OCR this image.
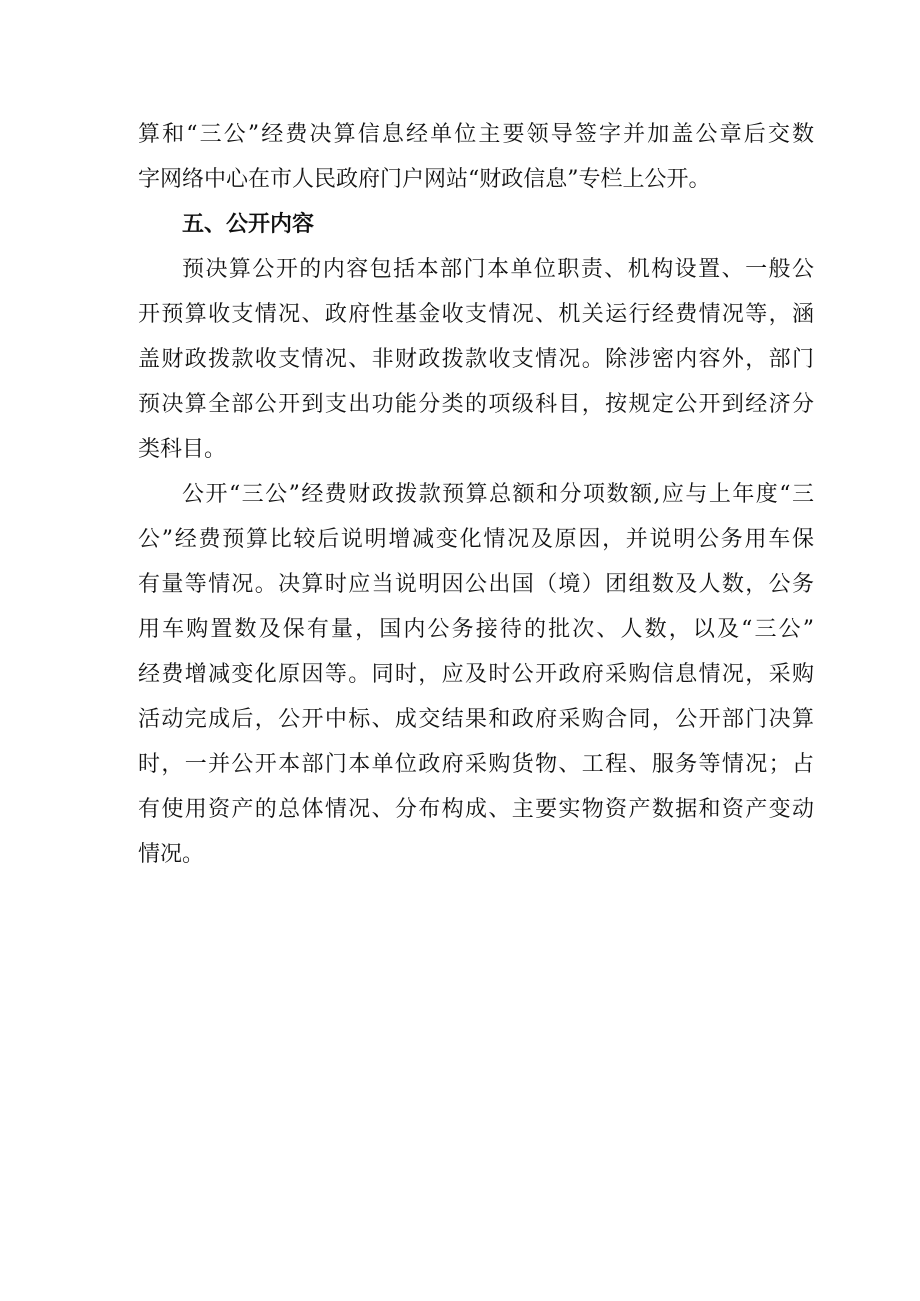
算和“三公”经费决算信息经单位主要领导签字并加盖公章后交数
字网络中心在市人民政府门户网站“财政信息”专栏上公开。
五、公开内容
预决算公开的内容包括本部门本单位职责、机构设置、一般公
开预算收支情况、政府性基金收支情况、机关运行经费情况等，涵
盖财政拨款收支情况、非财政拨款收支情况。除涉密内容外，部门
预决算全部公开到支出功能分类的项级科目，按规定公开到经济分
类科目。
公开“三公”经费财政拨款预算总额和分项数额,应与上年度“三
公”经费预算比较后说明增减变化情况及原因，并说明公务用车保
有量等情况。决算时应当说明因公出国（境）团组数及人数，公务
用车购置数及保有量，国内公务接待的批次、人数，以及“三公”
经费增减变化原因等。同时，应及时公开政府采购信息情况，采购
活动完成后，公开中标、成交结果和政府采购合同，公开部门决算
时，一并公开本部门本单位政府采购货物、工程、服务等情况；占
有使用资产的总体情况、分布构成、主要实物资产数据和资产变动
情况。
